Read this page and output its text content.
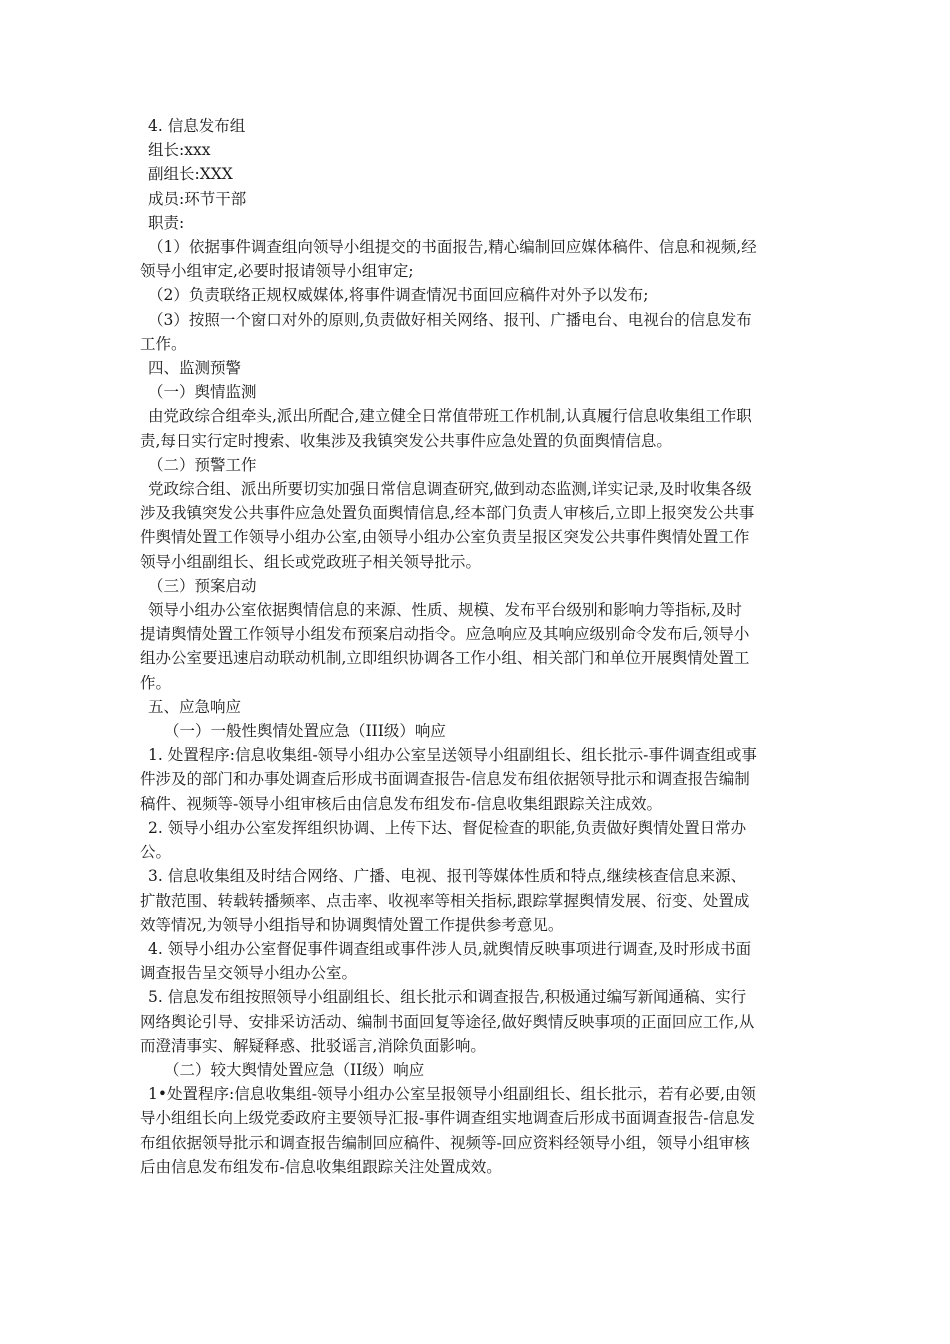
4. 信息发布组

组长:xxx

副组长:XXX

成员:环节干部

职责:

（1）依据事件调查组向领导小组提交的书面报告,精心编制回应媒体稿件、信息和视频,经

领导小组审定,必要时报请领导小组审定;

（2）负责联络正规权威媒体,将事件调查情况书面回应稿件对外予以发布;

（3）按照一个窗口对外的原则,负责做好相关网络、报刊、广播电台、电视台的信息发布

工作。

四、监测预警

（一）舆情监测

由党政综合组牵头,派出所配合,建立健全日常值带班工作机制,认真履行信息收集组工作职

责,每日实行定时搜索、收集涉及我镇突发公共事件应急处置的负面舆情信息。

（二）预警工作

党政综合组、派出所要切实加强日常信息调查研究,做到动态监测,详实记录,及时收集各级

涉及我镇突发公共事件应急处置负面舆情信息,经本部门负责人审核后,立即上报突发公共事

件舆情处置工作领导小组办公室,由领导小组办公室负责呈报区突发公共事件舆情处置工作

领导小组副组长、组长或党政班子相关领导批示。

（三）预案启动

领导小组办公室依据舆情信息的来源、性质、规模、发布平台级别和影响力等指标,及时

提请舆情处置工作领导小组发布预案启动指令。应急响应及其响应级别命令发布后,领导小

组办公室要迅速启动联动机制,立即组织协调各工作小组、相关部门和单位开展舆情处置工

作。

五、应急响应

（一）一般性舆情处置应急（III级）响应

1. 处置程序:信息收集组-领导小组办公室呈送领导小组副组长、组长批示-事件调查组或事

件涉及的部门和办事处调查后形成书面调查报告-信息发布组依据领导批示和调查报告编制

稿件、视频等-领导小组审核后由信息发布组发布-信息收集组跟踪关注成效。

2. 领导小组办公室发挥组织协调、上传下达、督促检查的职能,负责做好舆情处置日常办

公。

3. 信息收集组及时结合网络、广播、电视、报刊等媒体性质和特点,继续核查信息来源、

扩散范围、转载转播频率、点击率、收视率等相关指标,跟踪掌握舆情发展、衍变、处置成

效等情况,为领导小组指导和协调舆情处置工作提供参考意见。

4. 领导小组办公室督促事件调查组或事件涉人员,就舆情反映事项进行调查,及时形成书面

调查报告呈交领导小组办公室。

5. 信息发布组按照领导小组副组长、组长批示和调查报告,积极通过编写新闻通稿、实行

网络舆论引导、安排采访活动、编制书面回复等途径,做好舆情反映事项的正面回应工作,从

而澄清事实、解疑释惑、批驳谣言,消除负面影响。

（二）较大舆情处置应急（II级）响应

1•处置程序:信息收集组-领导小组办公室呈报领导小组副组长、组长批示，若有必要,由领

导小组组长向上级党委政府主要领导汇报-事件调查组实地调查后形成书面调查报告-信息发

布组依据领导批示和调查报告编制回应稿件、视频等-回应资料经领导小组，领导小组审核

后由信息发布组发布-信息收集组跟踪关注处置成效。
